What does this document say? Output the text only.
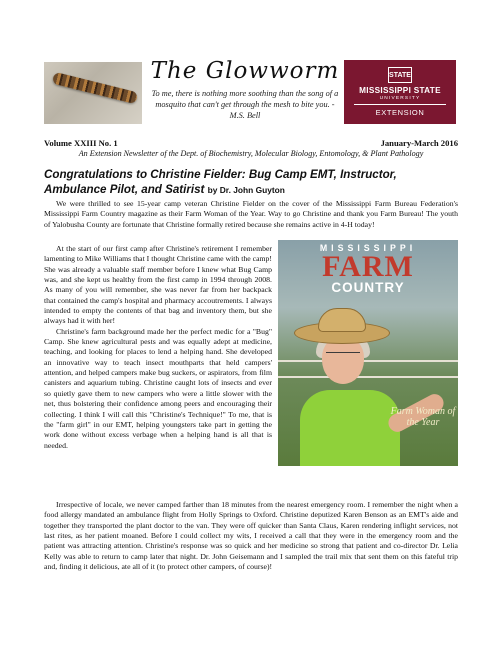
The Glowworm
To me, there is nothing more soothing than the song of a mosquito that can't get through the mesh to bite you. - M.S. Bell
STATE
MISSISSIPPI STATE
UNIVERSITY
EXTENSION
Volume XXIII No. 1	January-March 2016
An Extension Newsletter of the Dept. of Biochemistry, Molecular Biology, Entomology, & Plant Pathology
Congratulations to Christine Fielder: Bug Camp EMT, Instructor, Ambulance Pilot, and Satirist by Dr. John Guyton

We were thrilled to see 15-year camp veteran Christine Fielder on the cover of the Mississippi Farm Bureau Federation's Mississippi Farm Country magazine as their Farm Woman of the Year. Way to go Christine and thank you Farm Bureau! The youth of Yalobusha County are fortunate that Christine formally retired because she remains active in 4-H today!

At the start of our first camp after Christine's retirement I remember lamenting to Mike Williams that I thought Christine came with the camp! She was already a valuable staff member before I knew what Bug Camp was, and she kept us healthy from the first camp in 1994 through 2008. As many of you will remember, she was never far from her backpack that contained the camp's hospital and pharmacy accoutrements. I always intended to empty the contents of that bag and inventory them, but she always had it with her!

Christine's farm background made her the perfect medic for a "Bug" Camp. She knew agricultural pests and was equally adept at medicine, teaching, and looking for places to lend a helping hand. She developed an innovative way to teach insect mouthparts that held campers' attention, and helped campers make bug suckers, or aspirators, from film canisters and aquarium tubing. Christine caught lots of insects and ever so quietly gave them to new campers who were a little slower with the net, thus bolstering their confidence among peers and encouraging their collecting. I think I will call this "Christine's Technique!" To me, that is the "farm girl" in our EMT, helping youngsters take part in getting the work done without excess verbage when a helping hand is all that is needed.

MISSISSIPPI
FARM
COUNTRY
Farm Woman of the Year

Irrespective of locale, we never camped farther than 18 minutes from the nearest emergency room. I remember the night when a food allergy mandated an ambulance flight from Holly Springs to Oxford. Christine deputized Karen Benson as an EMT's aide and together they transported the plant doctor to the van. They were off quicker than Santa Claus, Karen rendering inflight services, not last rites, as her patient moaned. Before I could collect my wits, I received a call that they were in the emergency room and the patient was attracting attention. Christine's response was so quick and her medicine so strong that patient and co-director Dr. Lelia Kelly was able to return to camp later that night. Dr. John Geisemann and I sampled the trail mix that sent them on this fateful trip and, finding it delicious, ate all of it (to protect other campers, of course)!
